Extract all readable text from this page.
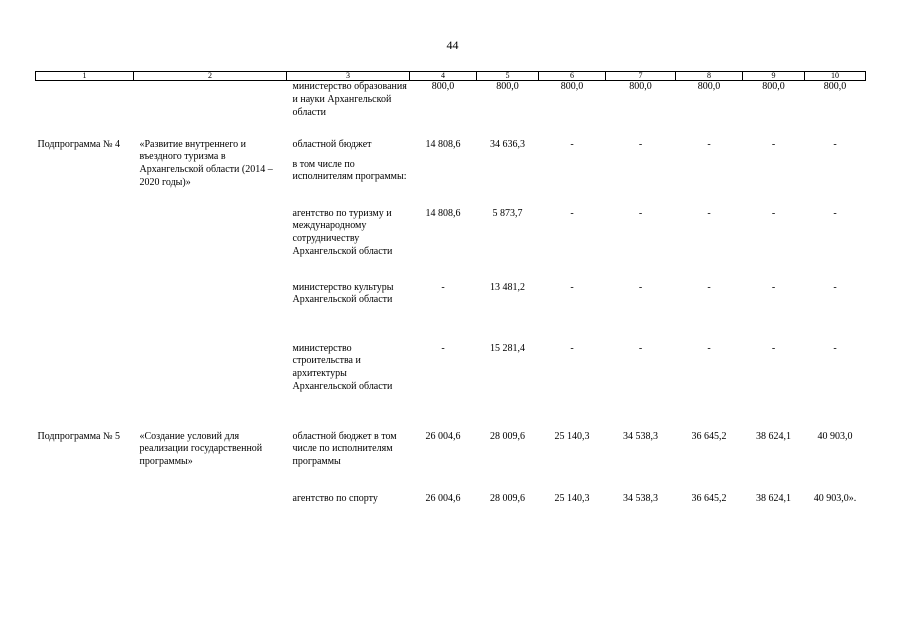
44
1	2	3	4	5	6	7	8	9	10
		министерство образования и науки Архангельской области	800,0	800,0	800,0	800,0	800,0	800,0	800,0
Подпрограмма № 4	«Развитие внутреннего и въездного туризма в Архангельской области (2014 – 2020 годы)»	областной бюджет	14 808,6	34 636,3	-	-	-	-	-
		в том числе по исполнителям программы:							
		агентство по туризму и международному сотрудничеству Архангельской области	14 808,6	5 873,7	-	-	-	-	-
		министерство культуры Архангельской области	-	13 481,2	-	-	-	-	-
		министерство строительства и архитектуры Архангельской области	-	15 281,4	-	-	-	-	-
Подпрограмма № 5	«Создание условий для реализации государственной программы»	областной бюджет в том числе по исполнителям программы	26 004,6	28 009,6	25 140,3	34 538,3	36 645,2	38 624,1	40 903,0
		агентство по спорту	26 004,6	28 009,6	25 140,3	34 538,3	36 645,2	38 624,1	40 903,0».
